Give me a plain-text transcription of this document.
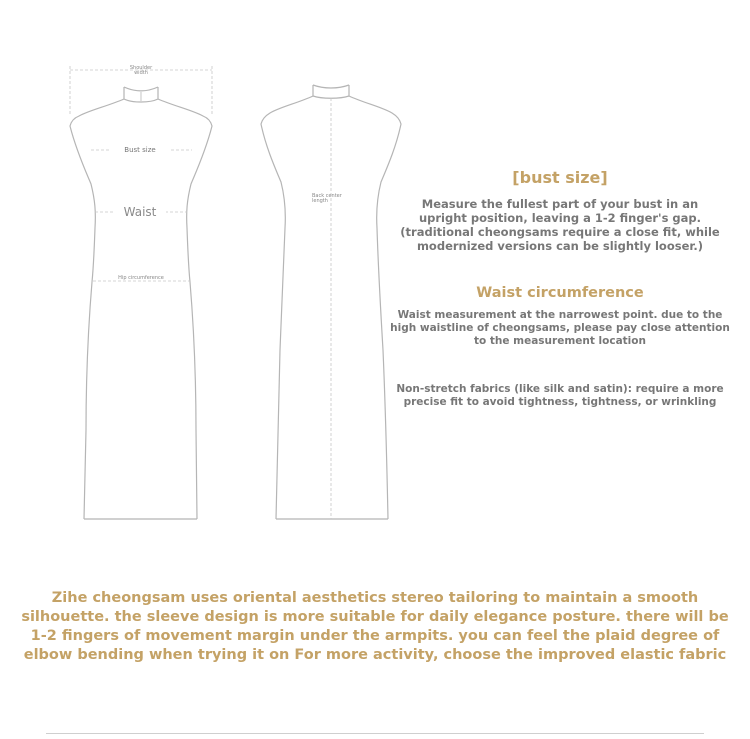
Shoulder width
Bust size
Waist
Hip circumference
Back center length
[bust size]
Measure the fullest part of your bust in an
upright position, leaving a 1-2 finger's gap.
(traditional cheongsams require a close fit, while
modernized versions can be slightly looser.)
Waist circumference
Waist measurement at the narrowest point. due to the
high waistline of cheongsams, please pay close attention
to the measurement location
Non-stretch fabrics (like silk and satin): require a more
precise fit to avoid tightness, tightness, or wrinkling
Zihe cheongsam uses oriental aesthetics stereo tailoring to maintain a smooth
silhouette. the sleeve design is more suitable for daily elegance posture. there will be
1-2 fingers of movement margin under the armpits. you can feel the plaid degree of
elbow bending when trying it on For more activity, choose the improved elastic fabric
